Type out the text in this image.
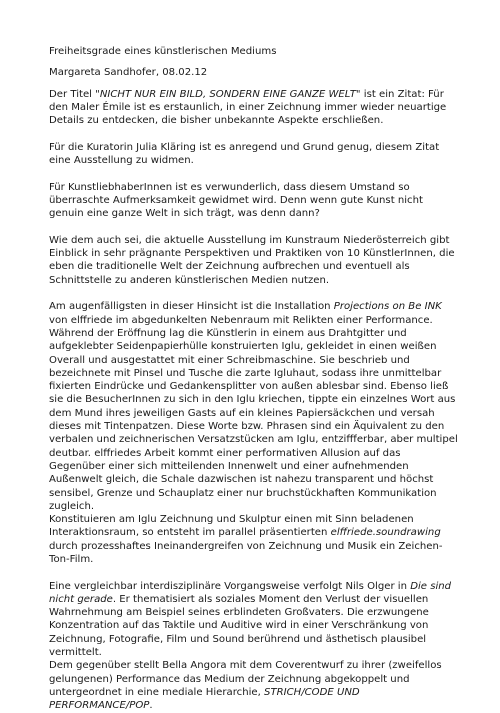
Freiheitsgrade eines künstlerischen Mediums

Margareta Sandhofer, 08.02.12

Der Titel "NICHT NUR EIN BILD, SONDERN EINE GANZE WELT" ist ein Zitat: Für den Maler Émile ist es erstaunlich, in einer Zeichnung immer wieder neuartige Details zu entdecken, die bisher unbekannte Aspekte erschließen.

Für die Kuratorin Julia Kläring ist es anregend und Grund genug, diesem Zitat eine Ausstellung zu widmen.

Für KunstliebhaberInnen ist es verwunderlich, dass diesem Umstand so überraschte Aufmerksamkeit gewidmet wird. Denn wenn gute Kunst nicht genuin eine ganze Welt in sich trägt, was denn dann?

Wie dem auch sei, die aktuelle Ausstellung im Kunstraum Niederösterreich gibt Einblick in sehr prägnante Perspektiven und Praktiken von 10 KünstlerInnen, die eben die traditionelle Welt der Zeichnung aufbrechen und eventuell als Schnittstelle zu anderen künstlerischen Medien nutzen.

Am augenfälligsten in dieser Hinsicht ist die Installation Projections on Be INK von elffriede im abgedunkelten Nebenraum mit Relikten einer Performance. Während der Eröffnung lag die Künstlerin in einem aus Drahtgitter und aufgeklebter Seidenpapierhülle konstruierten Iglu, gekleidet in einen weißen Overall und ausgestattet mit einer Schreibmaschine. Sie beschrieb und bezeichnete mit Pinsel und Tusche die zarte Igluhaut, sodass ihre unmittelbar fixierten Eindrücke und Gedankensplitter von außen ablesbar sind. Ebenso ließ sie die BesucherInnen zu sich in den Iglu kriechen, tippte ein einzelnes Wort aus dem Mund ihres jeweiligen Gasts auf ein kleines Papiersäckchen und versah dieses mit Tintenpatzen. Diese Worte bzw. Phrasen sind ein Äquivalent zu den verbalen und zeichnerischen Versatzstücken am Iglu, entziffferbar, aber multipel deutbar. elffriedes Arbeit kommt einer performativen Allusion auf das Gegenüber einer sich mitteilenden Innenwelt und einer aufnehmenden Außenwelt gleich, die Schale dazwischen ist nahezu transparent und höchst sensibel, Grenze und Schauplatz einer nur bruchstückhaften Kommunikation zugleich.

Konstituieren am Iglu Zeichnung und Skulptur einen mit Sinn beladenen Interaktionsraum, so entsteht im parallel präsentierten elffriede.soundrawing durch prozesshaftes Ineinandergreifen von Zeichnung und Musik ein Zeichen-Ton-Film.

Eine vergleichbar interdisziplinäre Vorgangsweise verfolgt Nils Olger in Die sind nicht gerade. Er thematisiert als soziales Moment den Verlust der visuellen Wahrnehmung am Beispiel seines erblindeten Großvaters. Die erzwungene Konzentration auf das Taktile und Auditive wird in einer Verschränkung von Zeichnung, Fotografie, Film und Sound berührend und ästhetisch plausibel vermittelt.

Dem gegenüber stellt Bella Angora mit dem Coverentwurf zu ihrer (zweifellos gelungenen) Performance das Medium der Zeichnung abgekoppelt und untergeordnet in eine mediale Hierarchie, STRICH/CODE UND PERFORMANCE/POP.
